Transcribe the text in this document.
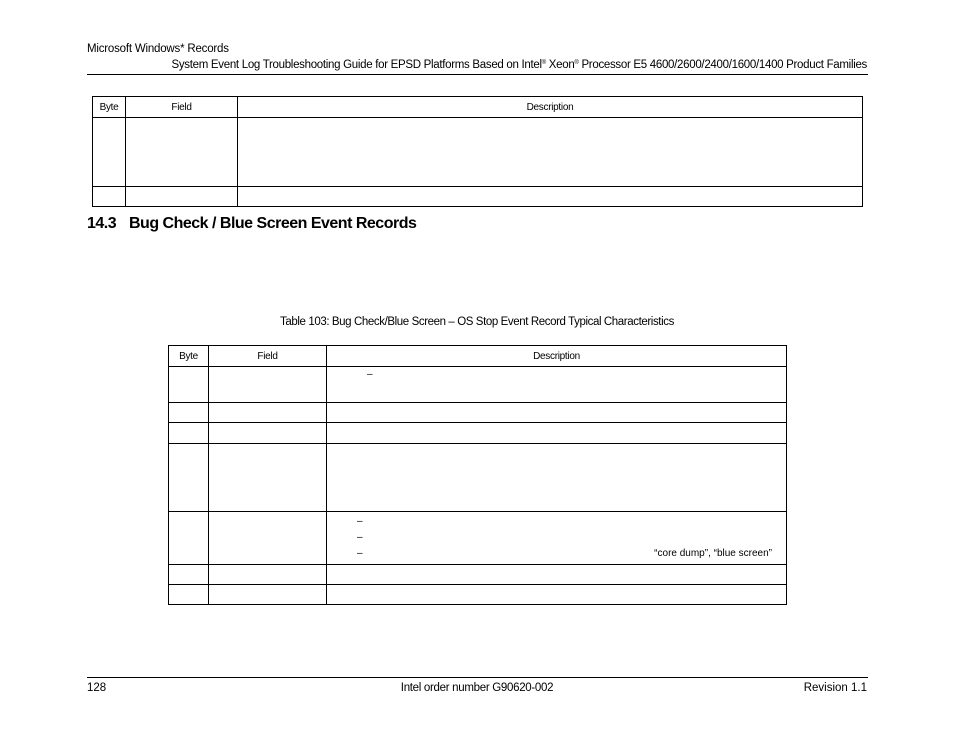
Microsoft Windows* Records
System Event Log Troubleshooting Guide for EPSD Platforms Based on Intel® Xeon® Processor E5 4600/2600/2400/1600/1400 Product Families
Byte	Field	Description

14.3 Bug Check / Blue Screen Event Records
Table 103: Bug Check/Blue Screen – OS Stop Event Record Typical Characteristics
Byte	Field	Description

		–

		–
–
– “core dump”, “blue screen”

128	Intel order number G90620-002	Revision 1.1
